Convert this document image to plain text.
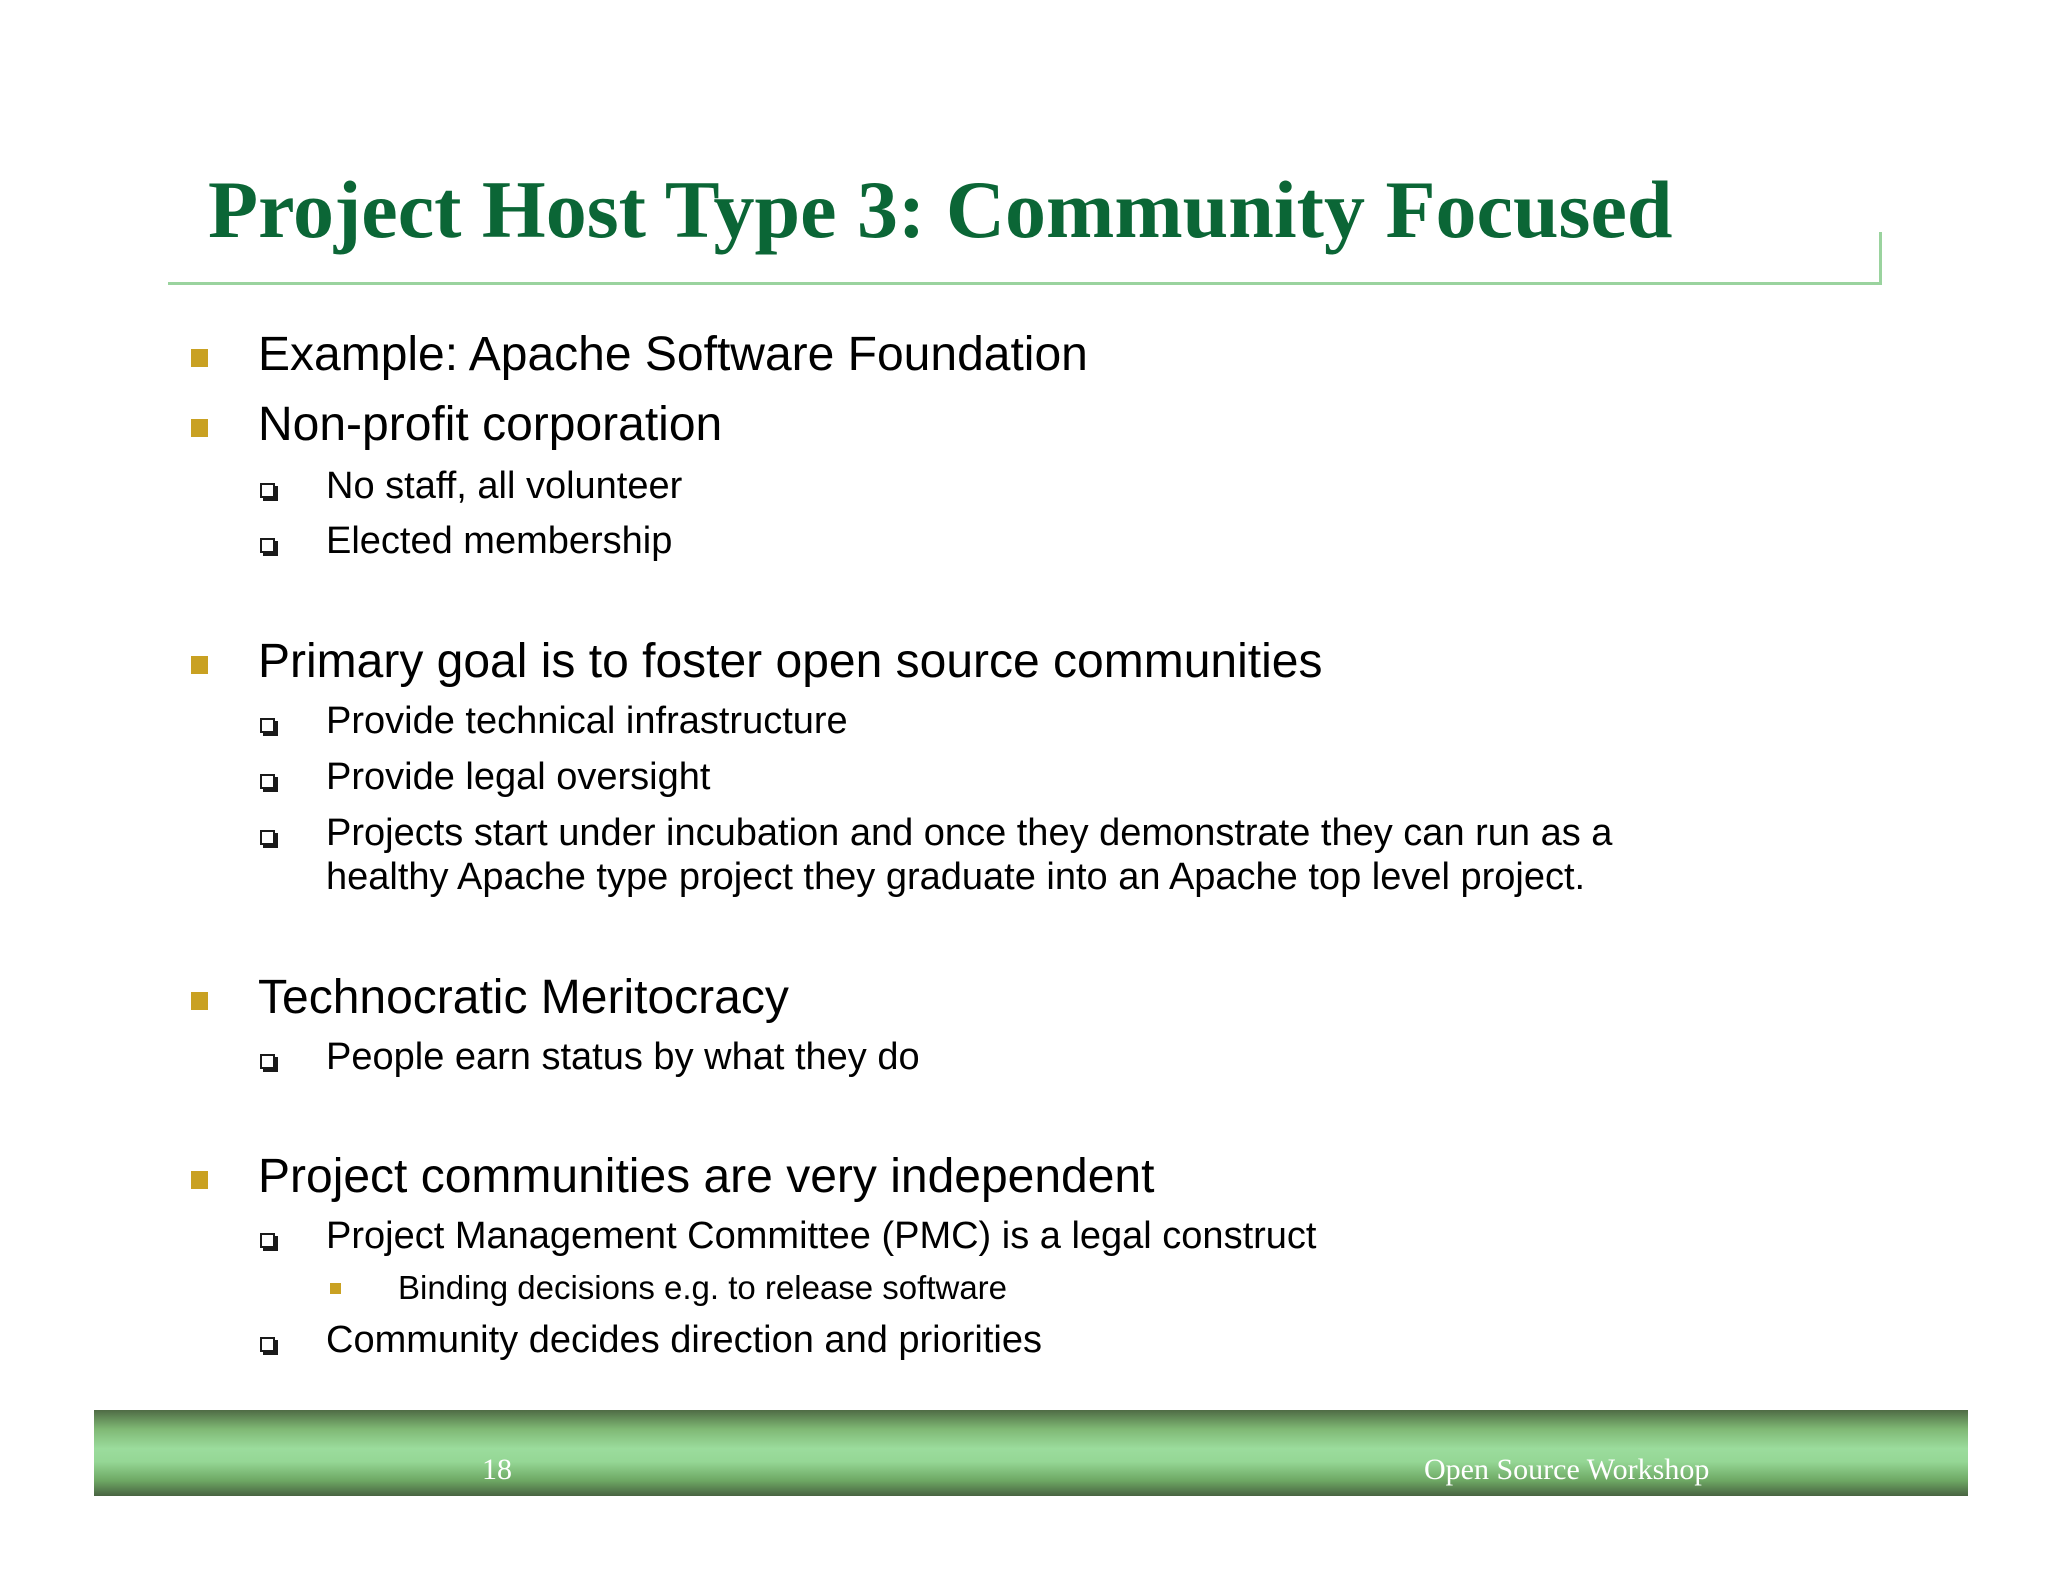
Project Host Type 3: Community Focused
Example: Apache Software Foundation
Non-profit corporation
No staff, all volunteer
Elected membership
Primary goal is to foster open source communities
Provide technical infrastructure
Provide legal oversight
Projects start under incubation and once they demonstrate they can run as a
healthy Apache type project they graduate into an Apache top level project.
Technocratic Meritocracy
People earn status by what they do
Project communities are very independent
Project Management Committee (PMC) is a legal construct
Binding decisions e.g. to release software
Community decides direction and priorities
18	Open Source Workshop
